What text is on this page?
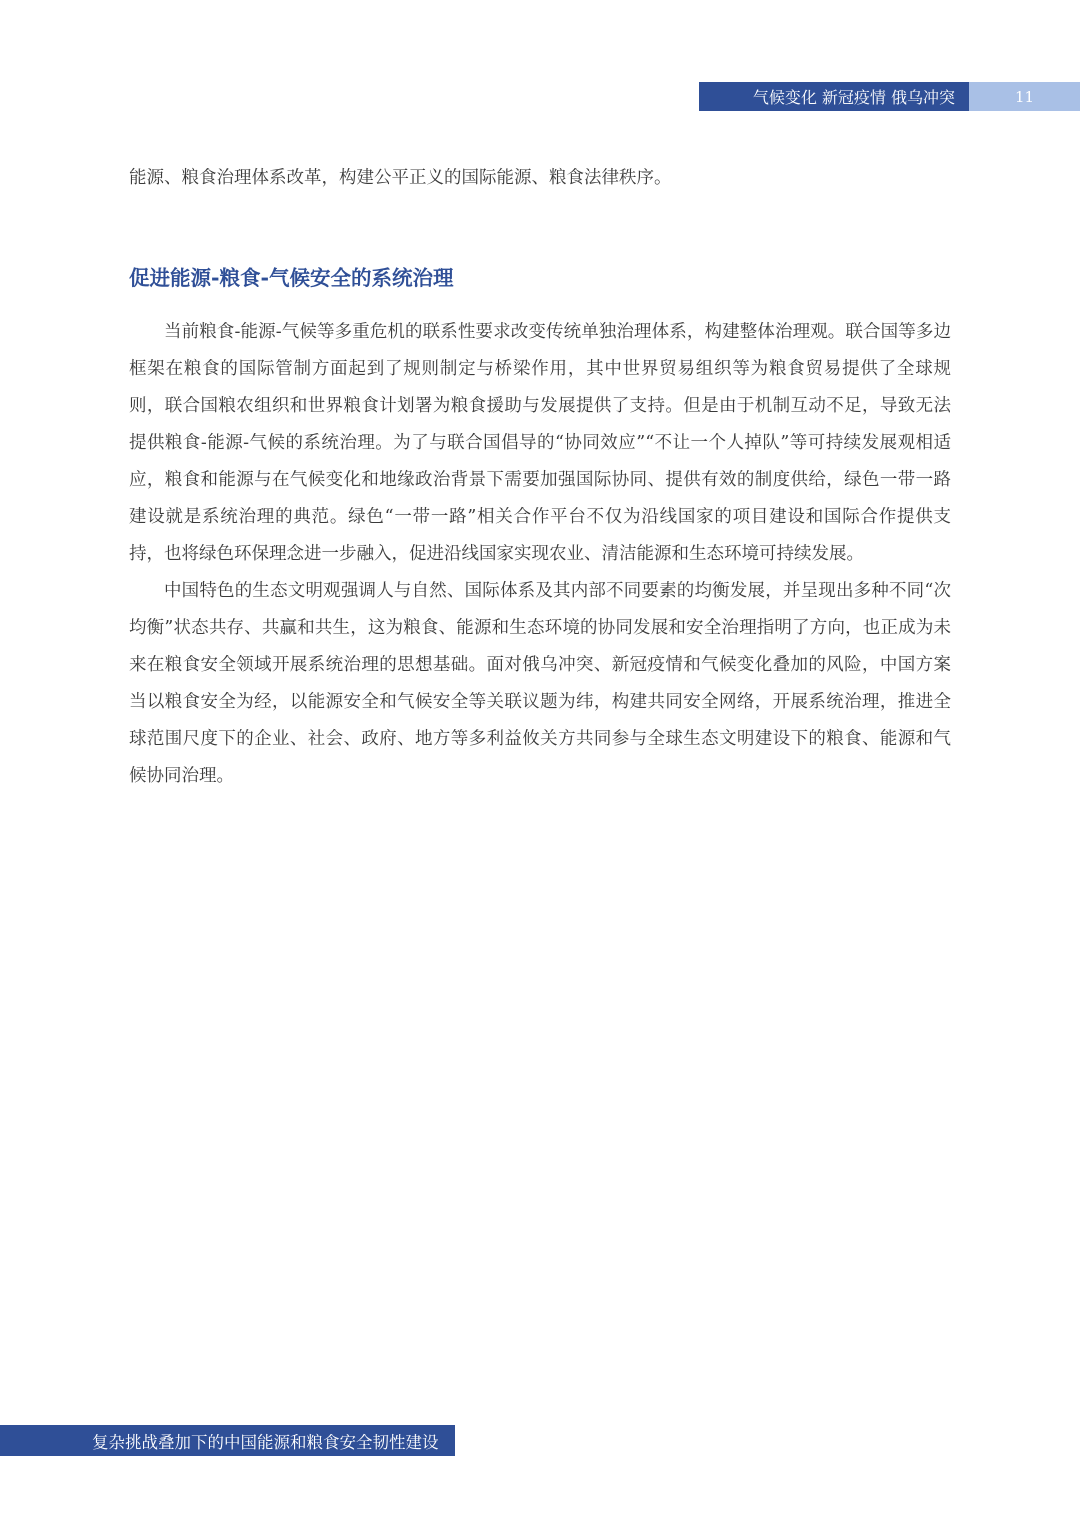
气候变化 新冠疫情 俄乌冲突	11

能源、粮食治理体系改革，构建公平正义的国际能源、粮食法律秩序。

促进能源-粮食-气候安全的系统治理

当前粮食-能源-气候等多重危机的联系性要求改变传统单独治理体系，构建整体治理观。联合国等多边框架在粮食的国际管制方面起到了规则制定与桥梁作用，其中世界贸易组织等为粮食贸易提供了全球规则，联合国粮农组织和世界粮食计划署为粮食援助与发展提供了支持。但是由于机制互动不足，导致无法提供粮食-能源-气候的系统治理。为了与联合国倡导的“协同效应”“不让一个人掉队”等可持续发展观相适应，粮食和能源与在气候变化和地缘政治背景下需要加强国际协同、提供有效的制度供给，绿色一带一路建设就是系统治理的典范。绿色“一带一路”相关合作平台不仅为沿线国家的项目建设和国际合作提供支持，也将绿色环保理念进一步融入，促进沿线国家实现农业、清洁能源和生态环境可持续发展。

中国特色的生态文明观强调人与自然、国际体系及其内部不同要素的均衡发展，并呈现出多种不同“次均衡”状态共存、共赢和共生，这为粮食、能源和生态环境的协同发展和安全治理指明了方向，也正成为未来在粮食安全领域开展系统治理的思想基础。面对俄乌冲突、新冠疫情和气候变化叠加的风险，中国方案当以粮食安全为经，以能源安全和气候安全等关联议题为纬，构建共同安全网络，开展系统治理，推进全球范围尺度下的企业、社会、政府、地方等多利益攸关方共同参与全球生态文明建设下的粮食、能源和气候协同治理。

复杂挑战叠加下的中国能源和粮食安全韧性建设
